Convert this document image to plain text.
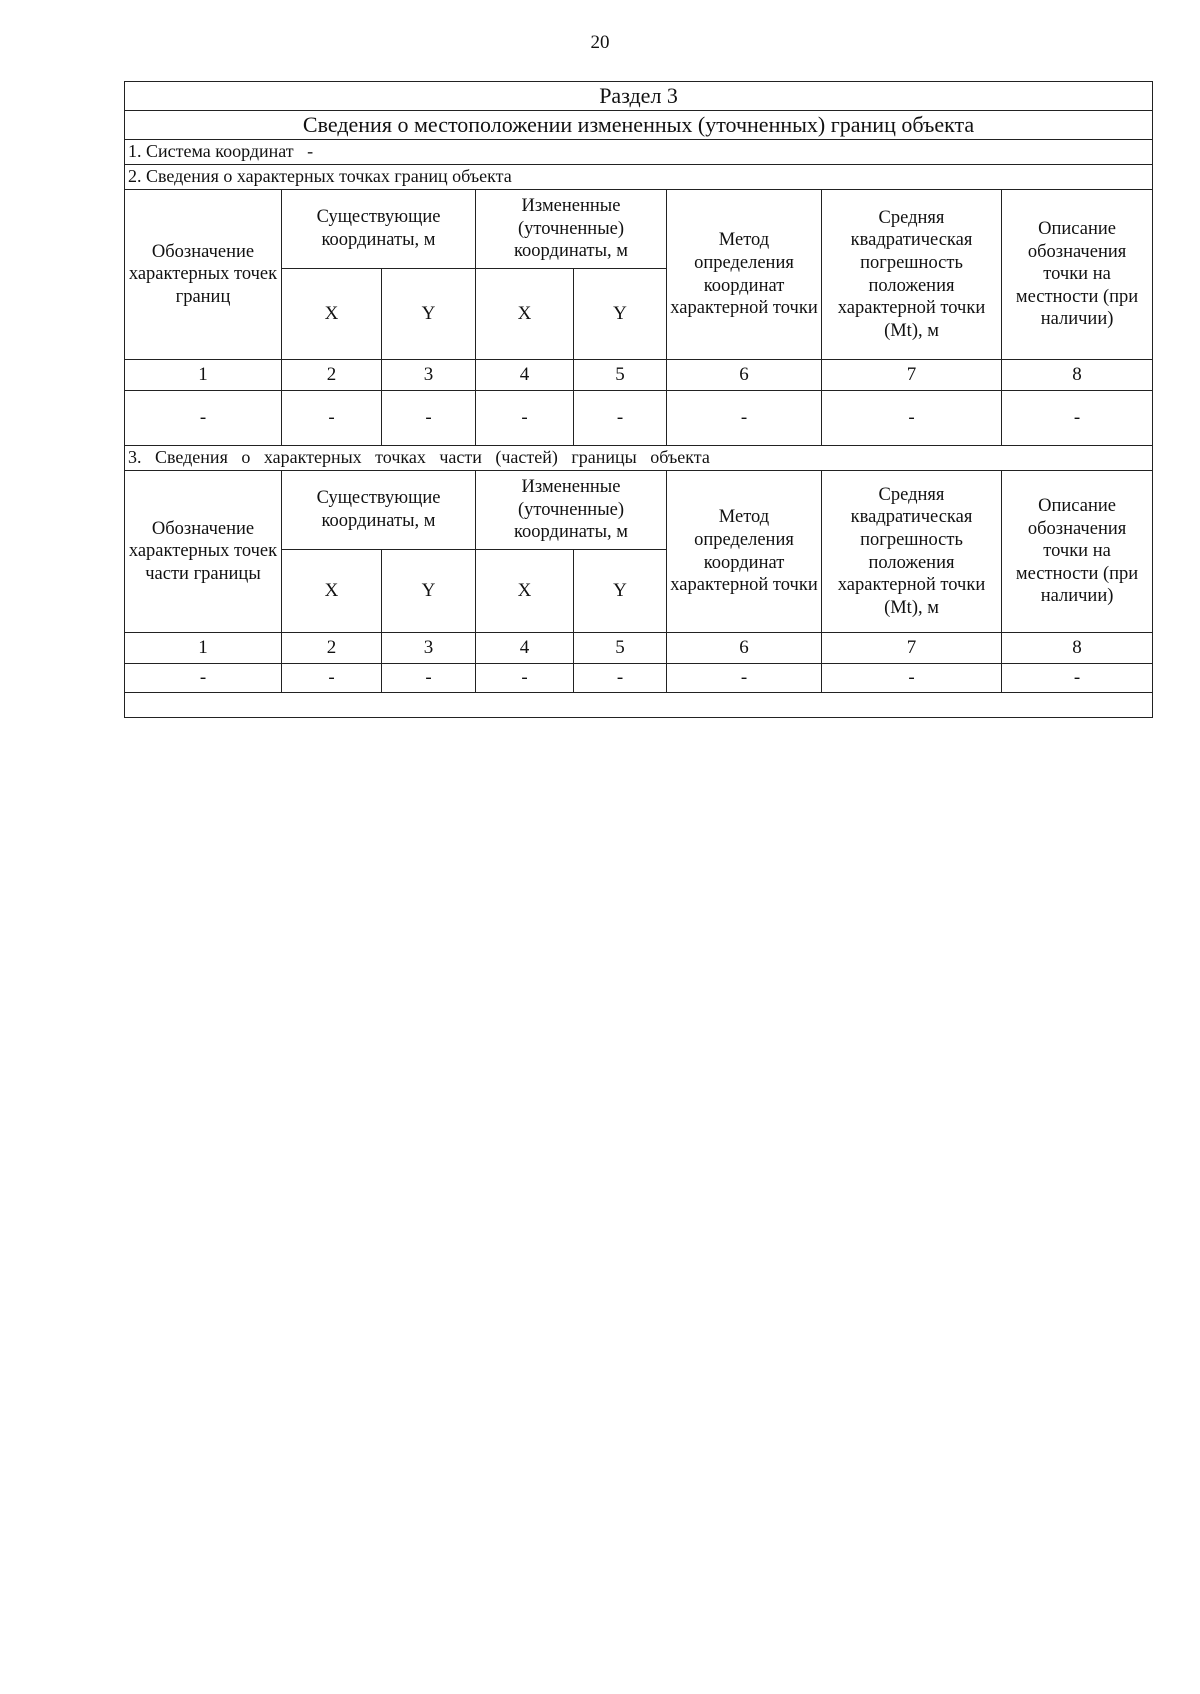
20
Раздел 3							
Сведения о местоположении измененных (уточненных) границ объекта							
1. Система координат -							
2. Сведения о характерных точках границ объекта							
Обозначение характерных точек границ	Существующие координаты, м		Измененные (уточненные) координаты, м		Метод определения координат характерной точки	Средняя квадратическая погрешность положения характерной точки (Mt), м	Описание обозначения точки на местности (при наличии)
	X	Y	X	Y			
1	2	3	4	5	6	7	8
-	-	-	-	-	-	-	-
3. Сведения о характерных точках части (частей) границы объекта							
Обозначение характерных точек части границы	Существующие координаты, м		Измененные (уточненные) координаты, м		Метод определения координат характерной точки	Средняя квадратическая погрешность положения характерной точки (Mt), м	Описание обозначения точки на местности (при наличии)
	X	Y	X	Y			
1	2	3	4	5	6	7	8
-	-	-	-	-	-	-	-
